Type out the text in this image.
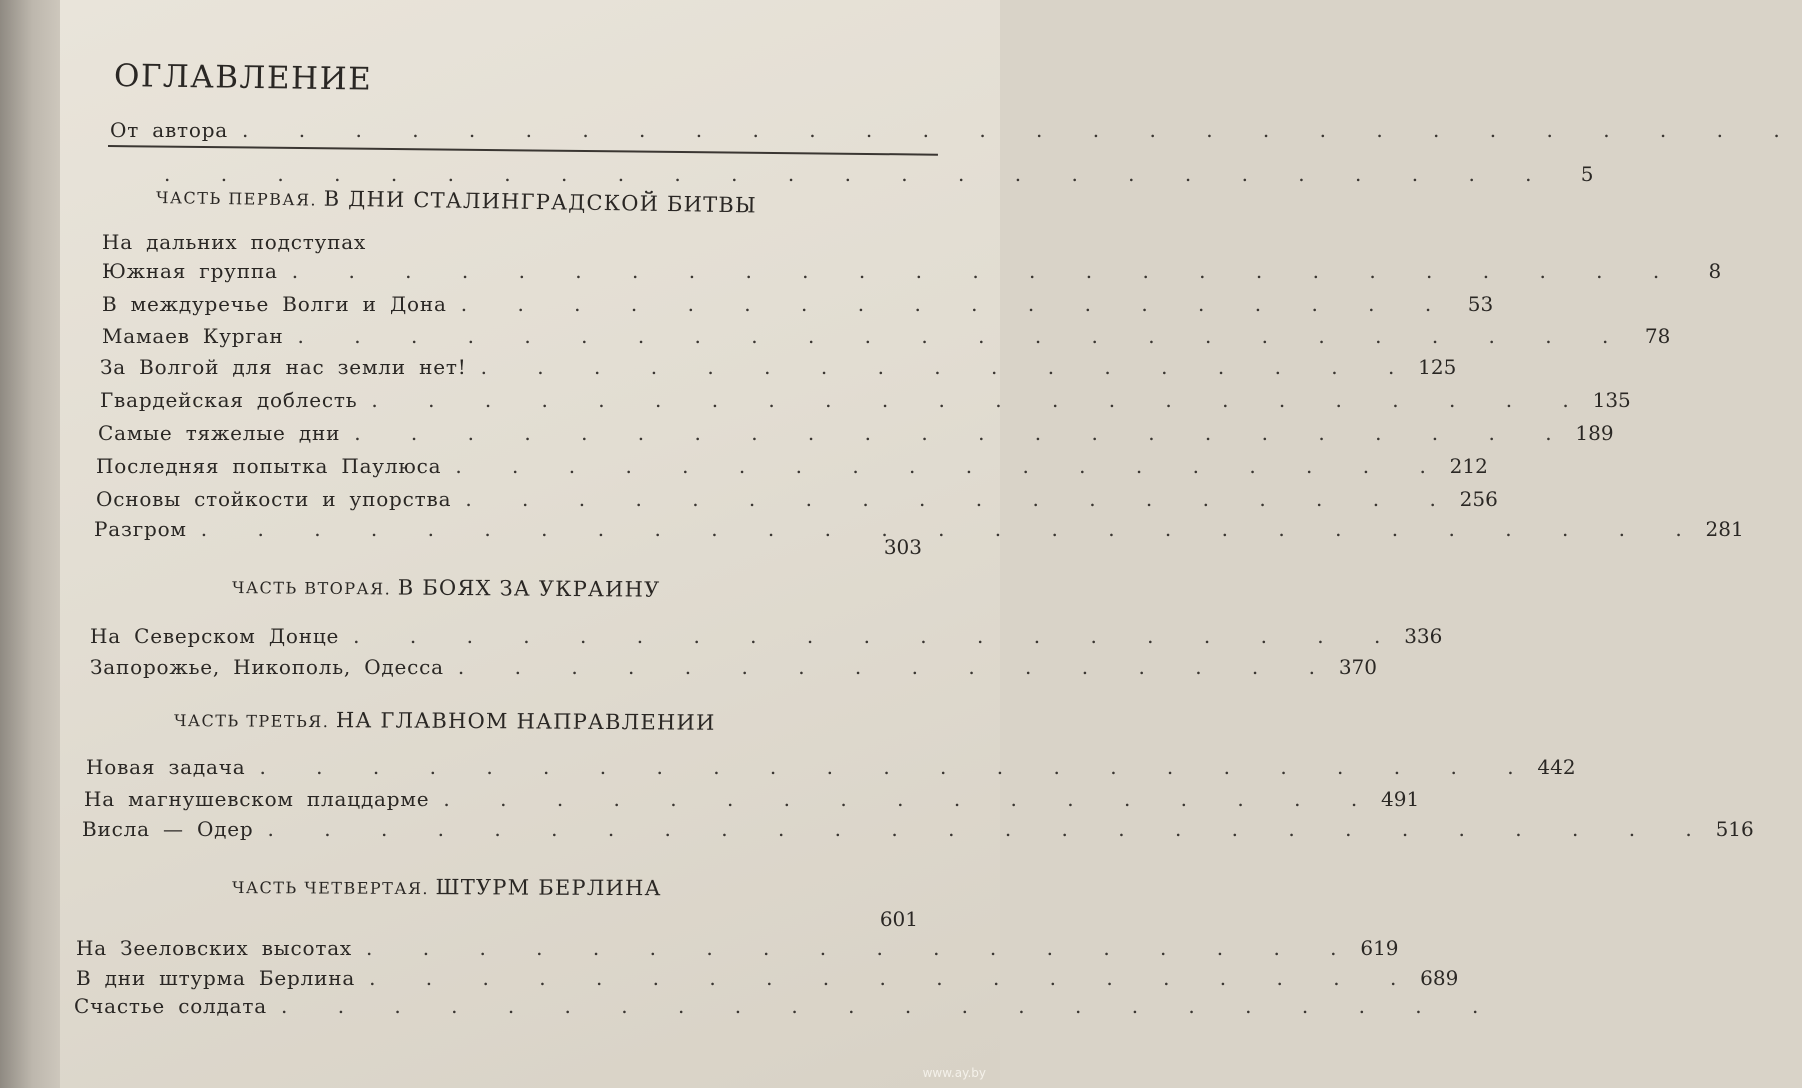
ОГЛАВЛЕНИЕ
От автора . . . . . . . . . . . . . . . . . . . . . . . . . . . .
. . . . . . . . . . . . . . . . . . . . . . . . .	5
ЧАСТЬ ПЕРВАЯ. В ДНИ СТАЛИНГРАДСКОЙ БИТВЫ
На дальних подступах
Южная группа . . . . . . . . . . . . . . . . . . . . . . . . .	8
В междуречье Волги и Дона . . . . . . . . . . . . . . . . . . 53
Мамаев Курган . . . . . . . . . . . . . . . . . . . . . . . . 78
За Волгой для нас земли нет! . . . . . . . . . . . . . . . . . 125
Гвардейская доблесть . . . . . . . . . . . . . . . . . . . . . . 135
Самые тяжелые дни . . . . . . . . . . . . . . . . . . . . . . 189
Последняя попытка Паулюса . . . . . . . . . . . . . . . . . . 212
Основы стойкости и упорства . . . . . . . . . . . . . . . . . . 256
Разгром . . . . . . . . . . . . . . . . . . . . . . . . . . . 281
303
ЧАСТЬ ВТОРАЯ. В БОЯХ ЗА УКРАИНУ
На Северском Донце . . . . . . . . . . . . . . . . . . . 336
Запорожье, Никополь, Одесса . . . . . . . . . . . . . . . . 370
ЧАСТЬ ТРЕТЬЯ. НА ГЛАВНОМ НАПРАВЛЕНИИ
Новая задача . . . . . . . . . . . . . . . . . . . . . . . 442
На магнушевском плацдарме . . . . . . . . . . . . . . . . . 491
Висла — Одер . . . . . . . . . . . . . . . . . . . . . . . . . . 516
ЧАСТЬ ЧЕТВЕРТАЯ. ШТУРМ БЕРЛИНА
601
На Зееловских высотах . . . . . . . . . . . . . . . . . . 619
В дни штурма Берлина . . . . . . . . . . . . . . . . . . . 689
Счастье солдата . . . . . . . . . . . . . . . . . . . . . .
www.ay.by
